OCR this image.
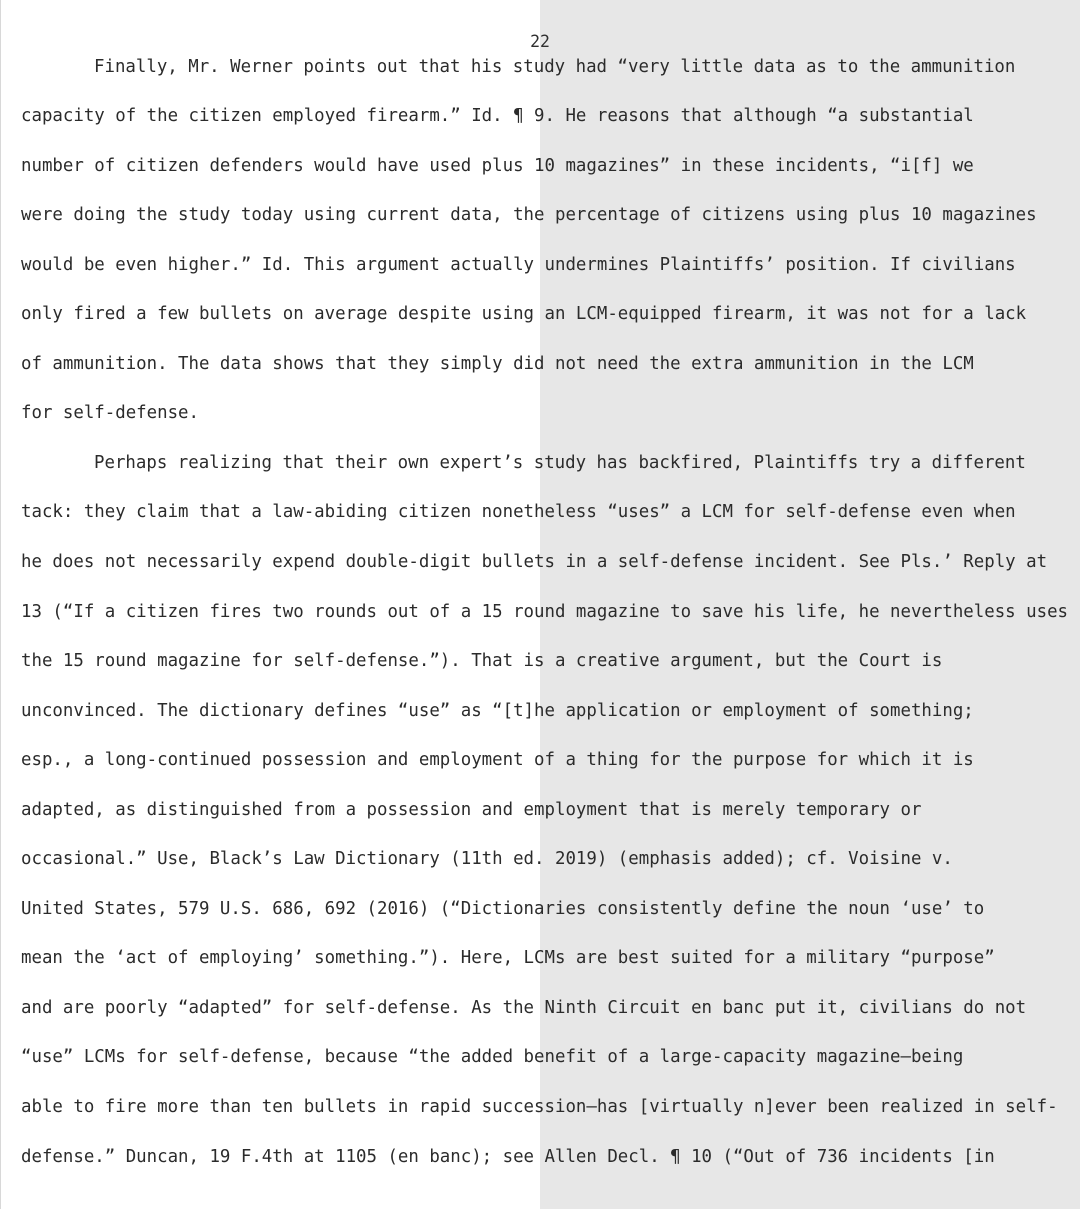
22
Finally, Mr. Werner points out that his study had “very little data as to the ammunition
capacity of the citizen employed firearm.” Id. ¶ 9. He reasons that although “a substantial
number of citizen defenders would have used plus 10 magazines” in these incidents, “i[f] we
were doing the study today using current data, the percentage of citizens using plus 10 magazines
would be even higher.” Id. This argument actually undermines Plaintiffs’ position. If civilians
only fired a few bullets on average despite using an LCM-equipped firearm, it was not for a lack
of ammunition. The data shows that they simply did not need the extra ammunition in the LCM
for self-defense.
Perhaps realizing that their own expert’s study has backfired, Plaintiffs try a different
tack: they claim that a law-abiding citizen nonetheless “uses” a LCM for self-defense even when
he does not necessarily expend double-digit bullets in a self-defense incident. See Pls.’ Reply at
13 (“If a citizen fires two rounds out of a 15 round magazine to save his life, he nevertheless uses
the 15 round magazine for self-defense.”). That is a creative argument, but the Court is
unconvinced. The dictionary defines “use” as “[t]he application or employment of something;
esp., a long-continued possession and employment of a thing for the purpose for which it is
adapted, as distinguished from a possession and employment that is merely temporary or
occasional.” Use, Black’s Law Dictionary (11th ed. 2019) (emphasis added); cf. Voisine v.
United States, 579 U.S. 686, 692 (2016) (“Dictionaries consistently define the noun ‘use’ to
mean the ‘act of employing’ something.”). Here, LCMs are best suited for a military “purpose”
and are poorly “adapted” for self-defense. As the Ninth Circuit en banc put it, civilians do not
“use” LCMs for self-defense, because “the added benefit of a large-capacity magazine—being
able to fire more than ten bullets in rapid succession—has [virtually n]ever been realized in self-
defense.” Duncan, 19 F.4th at 1105 (en banc); see Allen Decl. ¶ 10 (“Out of 736 incidents [in
